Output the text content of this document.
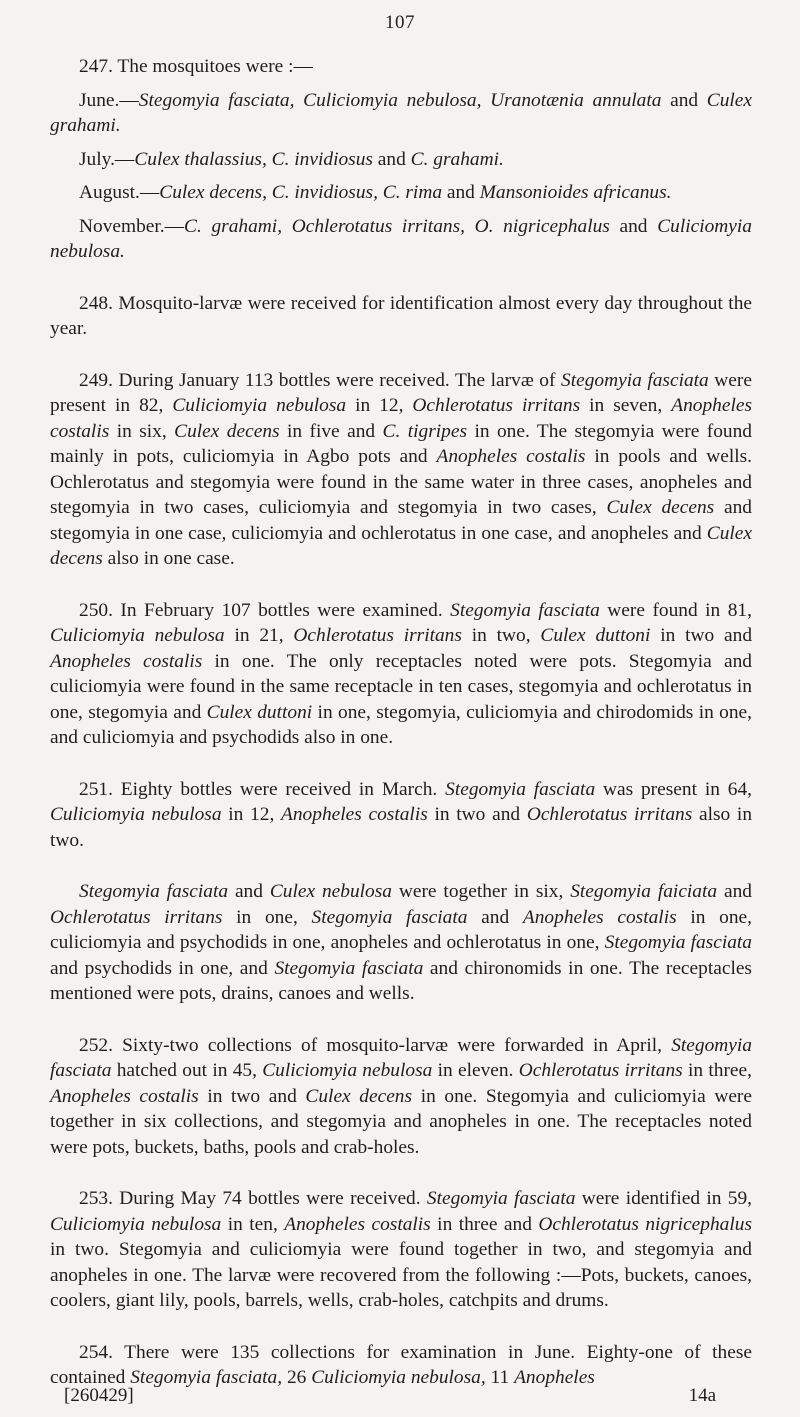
107

247. The mosquitoes were :—

June.—Stegomyia fasciata, Culiciomyia nebulosa, Uranotænia annulata and Culex grahami.

July.—Culex thalassius, C. invidiosus and C. grahami.

August.—Culex decens, C. invidiosus, C. rima and Mansonioides africanus.

November.—C. grahami, Ochlerotatus irritans, O. nigricephalus and Culiciomyia nebulosa.

248. Mosquito-larvæ were received for identification almost every day throughout the year.

249. During January 113 bottles were received. The larvæ of Stegomyia fasciata were present in 82, Culiciomyia nebulosa in 12, Ochlerotatus irritans in seven, Anopheles costalis in six, Culex decens in five and C. tigripes in one. The stegomyia were found mainly in pots, culiciomyia in Agbo pots and Anopheles costalis in pools and wells. Ochlerotatus and stegomyia were found in the same water in three cases, anopheles and stegomyia in two cases, culiciomyia and stegomyia in two cases, Culex decens and stegomyia in one case, culiciomyia and ochlerotatus in one case, and anopheles and Culex decens also in one case.

250. In February 107 bottles were examined. Stegomyia fasciata were found in 81, Culiciomyia nebulosa in 21, Ochlerotatus irritans in two, Culex duttoni in two and Anopheles costalis in one. The only receptacles noted were pots. Stegomyia and culiciomyia were found in the same receptacle in ten cases, stegomyia and ochlerotatus in one, stegomyia and Culex duttoni in one, stegomyia, culiciomyia and chirodomids in one, and culiciomyia and psychodids also in one.

251. Eighty bottles were received in March. Stegomyia fasciata was present in 64, Culiciomyia nebulosa in 12, Anopheles costalis in two and Ochlerotatus irritans also in two.

Stegomyia fasciata and Culex nebulosa were together in six, Stegomyia faiciata and Ochlerotatus irritans in one, Stegomyia fasciata and Anopheles costalis in one, culiciomyia and psychodids in one, anopheles and ochlerotatus in one, Stegomyia fasciata and psychodids in one, and Stegomyia fasciata and chironomids in one. The receptacles mentioned were pots, drains, canoes and wells.

252. Sixty-two collections of mosquito-larvæ were forwarded in April, Stegomyia fasciata hatched out in 45, Culiciomyia nebulosa in eleven. Ochlerotatus irritans in three, Anopheles costalis in two and Culex decens in one. Stegomyia and culiciomyia were together in six collections, and stegomyia and anopheles in one. The receptacles noted were pots, buckets, baths, pools and crab-holes.

253. During May 74 bottles were received. Stegomyia fasciata were identified in 59, Culiciomyia nebulosa in ten, Anopheles costalis in three and Ochlerotatus nigricephalus in two. Stegomyia and culiciomyia were found together in two, and stegomyia and anopheles in one. The larvæ were recovered from the following :—Pots, buckets, canoes, coolers, giant lily, pools, barrels, wells, crab-holes, catchpits and drums.

254. There were 135 collections for examination in June. Eighty-one of these contained Stegomyia fasciata, 26 Culiciomyia nebulosa, 11 Anopheles

[260429]	14a
